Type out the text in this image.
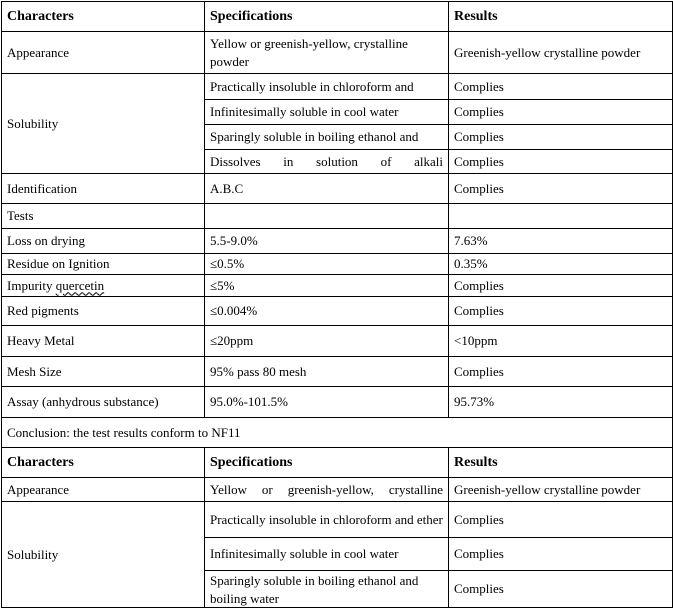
Characters	Specifications	Results
Appearance	Yellow or greenish-yellow, crystalline powder	Greenish-yellow crystalline powder
Solubility	Practically insoluble in chloroform and	Complies
	Infinitesimally soluble in cool water	Complies
	Sparingly soluble in boiling ethanol and	Complies
	Dissolves in solution of alkali	Complies
Identification	A.B.C	Complies
Tests		
Loss on drying	5.5-9.0%	7.63%
Residue on Ignition	≤0.5%	0.35%
Impurity quercetin	≤5%	Complies
Red pigments	≤0.004%	Complies
Heavy Metal	≤20ppm	<10ppm
Mesh Size	95% pass 80 mesh	Complies
Assay (anhydrous substance)	95.0%-101.5%	95.73%
Conclusion: the test results conform to NF11		
Characters	Specifications	Results
Appearance	Yellow or greenish-yellow, crystalline	Greenish-yellow crystalline powder
Solubility	Practically insoluble in chloroform and ether	Complies
	Infinitesimally soluble in cool water	Complies

	Sparingly soluble in boiling ethanol and boiling water	Complies
